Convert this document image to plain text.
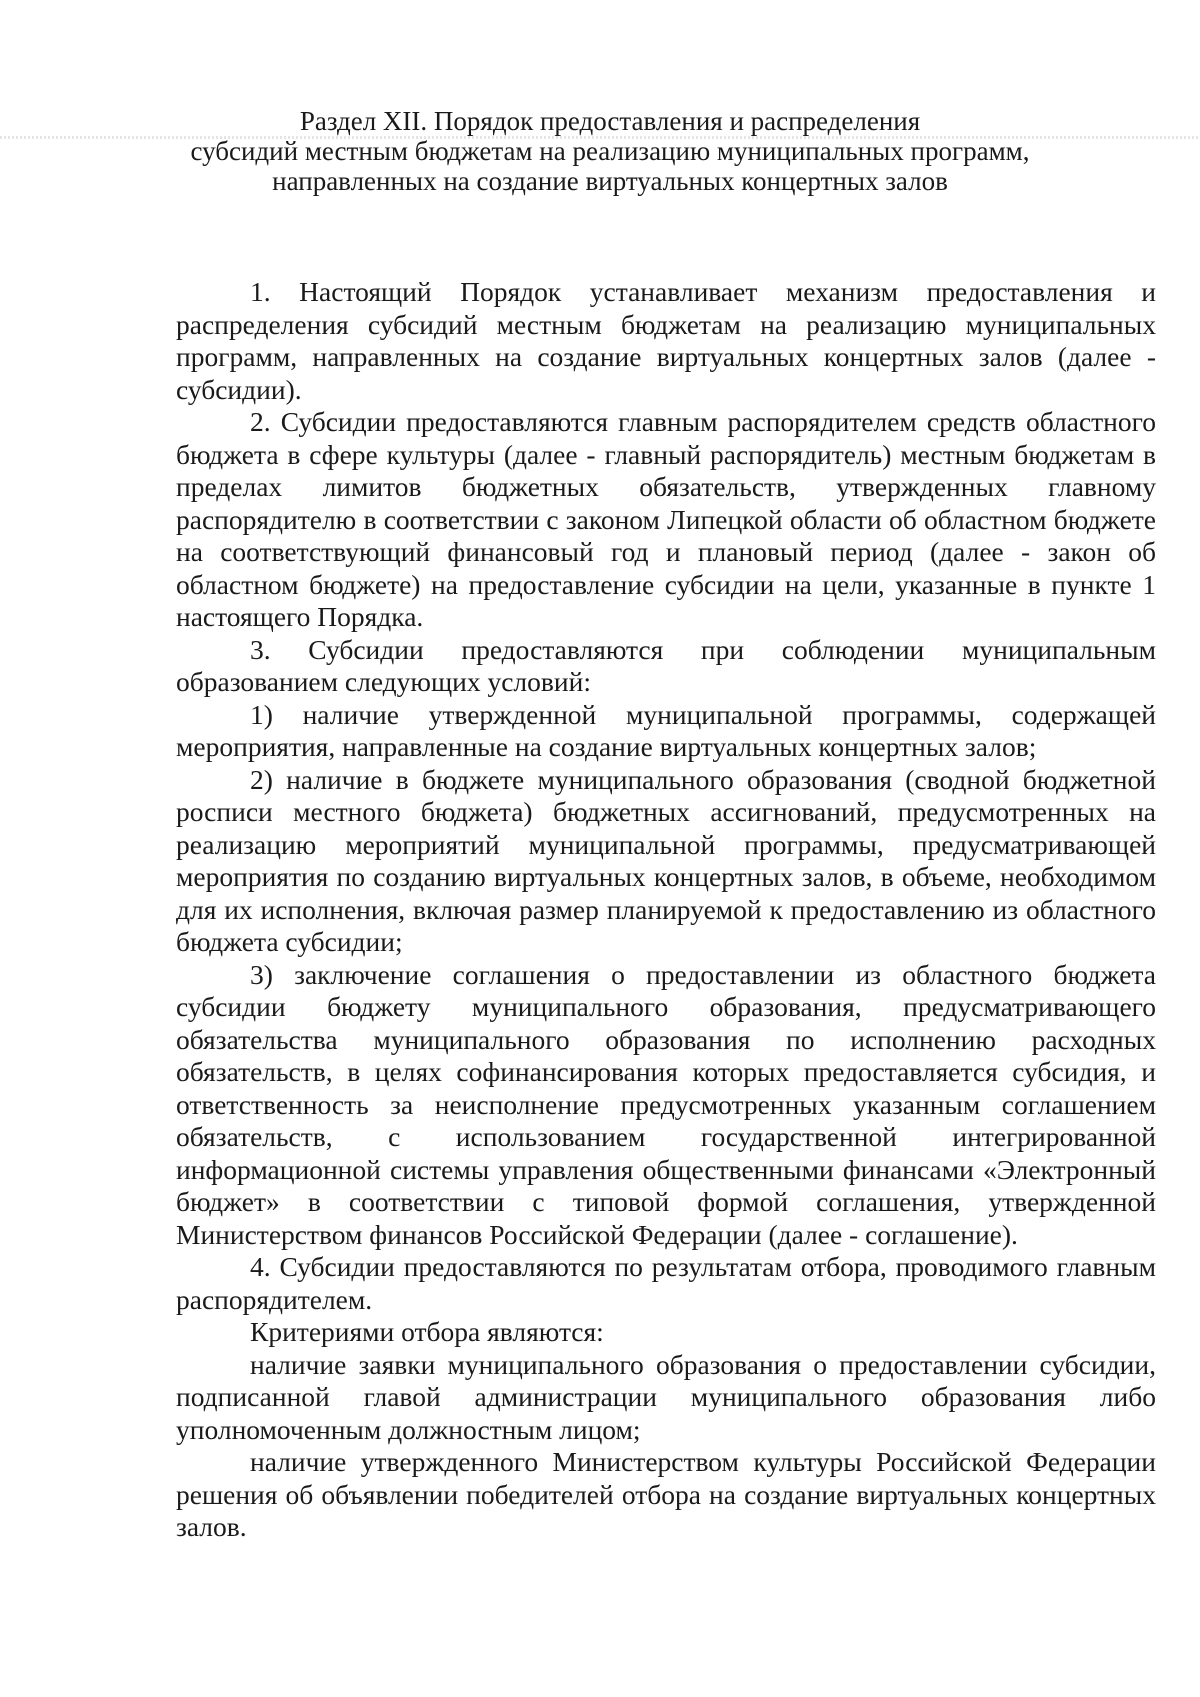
Раздел XII. Порядок предоставления и распределения
субсидий местным бюджетам на реализацию муниципальных программ,
направленных на создание виртуальных концертных залов

1. Настоящий Порядок устанавливает механизм предоставления и распределения субсидий местным бюджетам на реализацию муниципальных программ, направленных на создание виртуальных концертных залов (далее - субсидии).

2. Субсидии предоставляются главным распорядителем средств областного бюджета в сфере культуры (далее - главный распорядитель) местным бюджетам в пределах лимитов бюджетных обязательств, утвержденных главному распорядителю в соответствии с законом Липецкой области об областном бюджете на соответствующий финансовый год и плановый период (далее - закон об областном бюджете) на предоставление субсидии на цели, указанные в пункте 1 настоящего Порядка.

3. Субсидии предоставляются при соблюдении муниципальным образованием следующих условий:

1) наличие утвержденной муниципальной программы, содержащей мероприятия, направленные на создание виртуальных концертных залов;

2) наличие в бюджете муниципального образования (сводной бюджетной росписи местного бюджета) бюджетных ассигнований, предусмотренных на реализацию мероприятий муниципальной программы, предусматривающей мероприятия по созданию виртуальных концертных залов, в объеме, необходимом для их исполнения, включая размер планируемой к предоставлению из областного бюджета субсидии;

3) заключение соглашения о предоставлении из областного бюджета субсидии бюджету муниципального образования, предусматривающего обязательства муниципального образования по исполнению расходных обязательств, в целях софинансирования которых предоставляется субсидия, и ответственность за неисполнение предусмотренных указанным соглашением обязательств, с использованием государственной интегрированной информационной системы управления общественными финансами «Электронный бюджет» в соответствии с типовой формой соглашения, утвержденной Министерством финансов Российской Федерации (далее - соглашение).

4. Субсидии предоставляются по результатам отбора, проводимого главным распорядителем.

Критериями отбора являются:

наличие заявки муниципального образования о предоставлении субсидии, подписанной главой администрации муниципального образования либо уполномоченным должностным лицом;

наличие утвержденного Министерством культуры Российской Федерации решения об объявлении победителей отбора на создание виртуальных концертных залов.
